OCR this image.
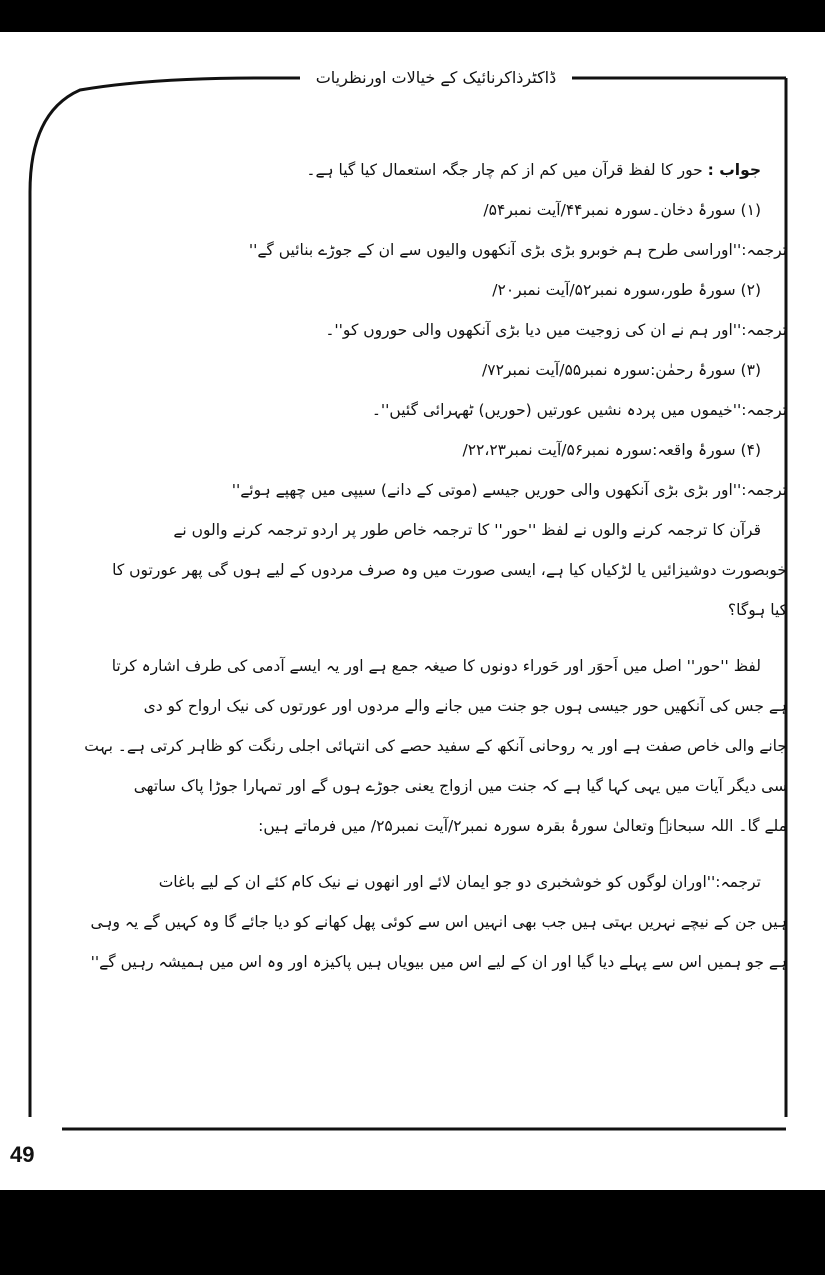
ڈاکٹرذاکرنائیک کے خیالات اورنظریات
جواب : حور کا لفظ قرآن میں کم از کم چار جگہ استعمال کیا گیا ہے۔
(۱) سورۂ دخان۔سورہ نمبر۴۴/آیت نمبر۵۴/
ترجمہ:''اوراسی طرح ہم خوبرو بڑی بڑی آنکھوں والیوں سے ان کے جوڑے بنائیں گے''
(۲) سورۂ طور،سورہ نمبر۵۲/آیت نمبر۲۰/
ترجمہ:''اور ہم نے ان کی زوجیت میں دیا بڑی آنکھوں والی حوروں کو''۔
(۳) سورۂ رحمٰن:سورہ نمبر۵۵/آیت نمبر۷۲/
ترجمہ:''خیموں میں پردہ نشیں عورتیں (حوریں) ٹھہرائی گئیں''۔
(۴) سورۂ واقعہ:سورہ نمبر۵۶/آیت نمبر۲۲،۲۳/
ترجمہ:''اور بڑی بڑی آنکھوں والی حوریں جیسے (موتی کے دانے) سیپی میں چھپے ہوئے''
قرآن کا ترجمہ کرنے والوں نے لفظ ''حور'' کا ترجمہ خاص طور پر اردو ترجمہ کرنے والوں نے
خوبصورت دوشیزائیں یا لڑکیاں کیا ہے، ایسی صورت میں وہ صرف مردوں کے لیے ہوں گی پھر عورتوں کا
کیا ہوگا؟
لفظ ''حور'' اصل میں اَحوَر اور حَوراء دونوں کا صیغہ جمع ہے اور یہ ایسے آدمی کی طرف اشارہ کرتا
ہے جس کی آنکھیں حور جیسی ہوں جو جنت میں جانے والے مردوں اور عورتوں کی نیک ارواح کو دی
جانے والی خاص صفت ہے اور یہ روحانی آنکھ کے سفید حصے کی انتہائی اجلی رنگت کو ظاہر کرتی ہے۔ بہت
سی دیگر آیات میں یہی کہا گیا ہے کہ جنت میں ازواج یعنی جوڑے ہوں گے اور تمہارا جوڑا پاک ساتھی
ملے گا۔ اللہ سبحانہٗ وتعالیٰ سورۂ بقرہ سورہ نمبر۲/آیت نمبر۲۵/ میں فرماتے ہیں:
ترجمہ:''اوران لوگوں کو خوشخبری دو جو ایمان لائے اور انھوں نے نیک کام کئے ان کے لیے باغات
ہیں جن کے نیچے نہریں بہتی ہیں جب بھی انہیں اس سے کوئی پھل کھانے کو دیا جائے گا وہ کہیں گے یہ وہی
ہے جو ہمیں اس سے پہلے دیا گیا اور ان کے لیے اس میں بیویاں ہیں پاکیزہ اور وہ اس میں ہمیشہ رہیں گے''
49
